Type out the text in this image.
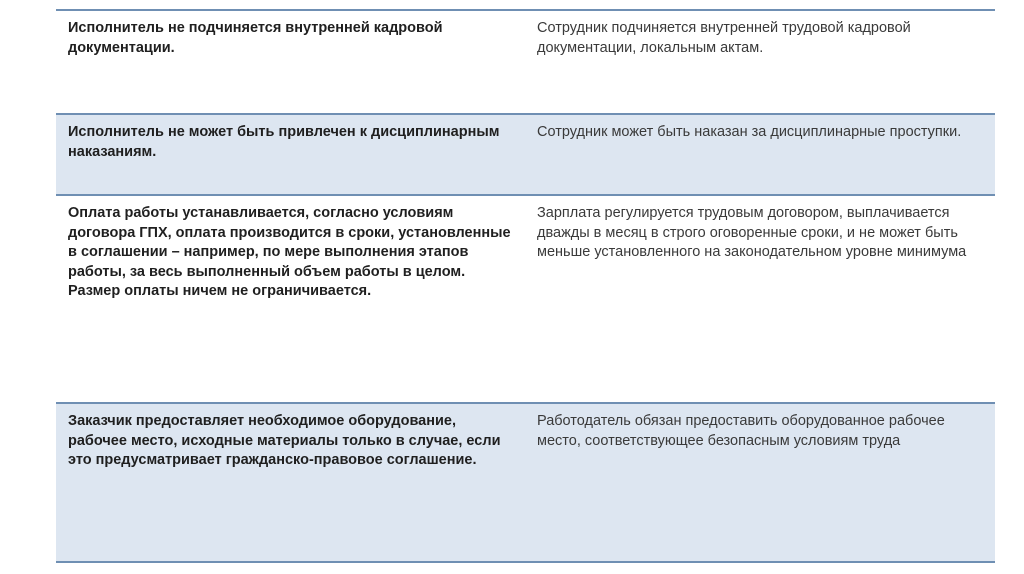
Исполнитель не подчиняется внутренней кадровой документации.
Сотрудник подчиняется внутренней трудовой кадровой документации, локальным актам.
Исполнитель не может быть привлечен к дисциплинарным наказаниям.
Сотрудник может быть наказан за дисциплинарные проступки.
Оплата работы устанавливается, согласно условиям договора ГПХ, оплата производится в сроки, установленные в соглашении – например, по мере выполнения этапов работы, за весь выполненный объем работы в целом. Размер оплаты ничем не ограничивается.
Зарплата регулируется трудовым договором, выплачивается дважды в месяц в строго оговоренные сроки, и не может быть меньше установленного на законодательном уровне минимума
Заказчик предоставляет необходимое оборудование, рабочее место, исходные материалы только в случае, если это предусматривает гражданско-правовое соглашение.
Работодатель обязан предоставить оборудованное рабочее место, соответствующее безопасным условиям труда
